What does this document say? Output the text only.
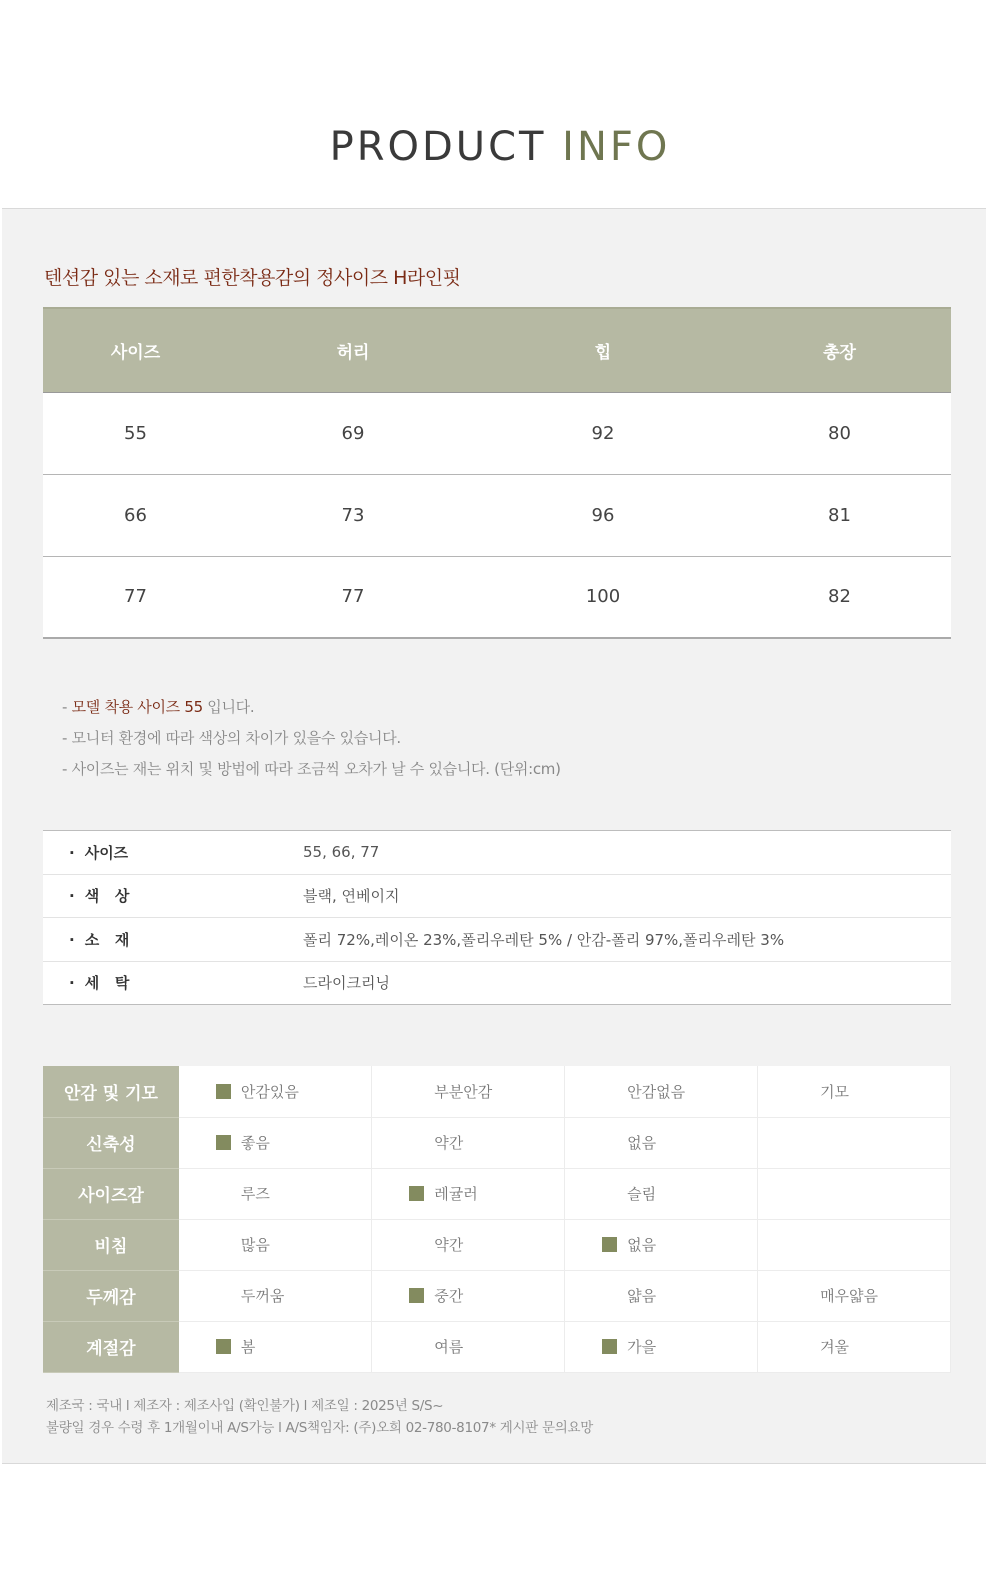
PRODUCT INFO
텐션감 있는 소재로 편한착용감의 정사이즈 H라인핏
사이즈	허리	힙	총장
55	69	92	80
66	73	96	81
77	77	100	82
- 모델 착용 사이즈 55 입니다.
- 모니터 환경에 따라 색상의 차이가 있을수 있습니다.
- 사이즈는 재는 위치 및 방법에 따라 조금씩 오차가 날 수 있습니다. (단위:cm)
· 사이즈	55, 66, 77
· 색   상	블랙, 연베이지
· 소   재	폴리 72%,레이온 23%,폴리우레탄 5% / 안감-폴리 97%,폴리우레탄 3%
· 세   탁	드라이크리닝
안감 및 기모	안감있음	부분안감	안감없음	기모
신축성	좋음	약간	없음	
사이즈감	루즈	레귤러	슬림	
비침	많음	약간	없음	
두께감	두꺼움	중간	얇음	매우얇음
계절감	봄	여름	가을	겨울
제조국 : 국내 l 제조자 : 제조사입 (확인불가) l 제조일 : 2025년 S/S~
불량일 경우 수령 후 1개월이내 A/S가능 l A/S책임자: (주)오희 02-780-8107* 게시판 문의요망
